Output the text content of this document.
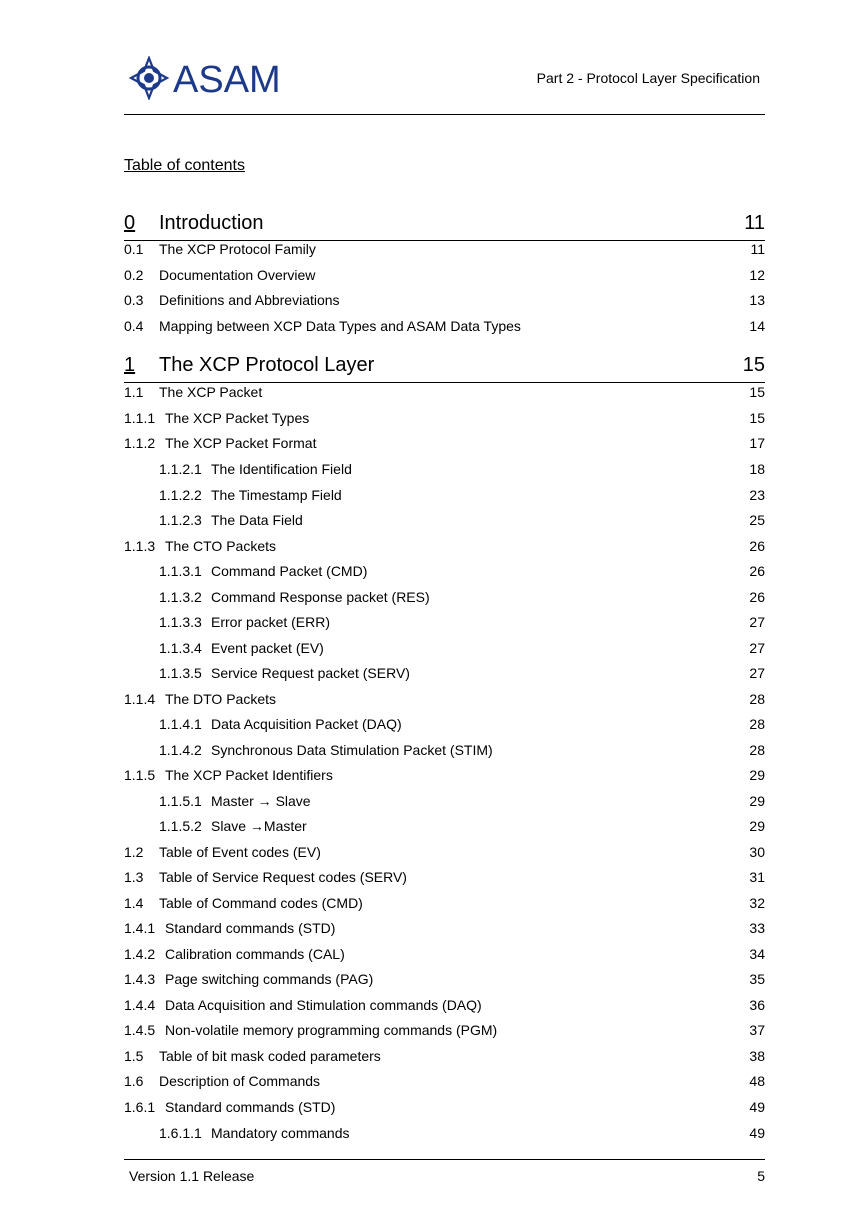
ASAM	Part 2 - Protocol Layer Specification
Table of contents
0 Introduction	11
0.1 The XCP Protocol Family	11
0.2 Documentation Overview	12
0.3 Definitions and Abbreviations	13
0.4 Mapping between XCP Data Types and ASAM Data Types	14
1 The XCP Protocol Layer	15
1.1 The XCP Packet	15
1.1.1 The XCP Packet Types	15
1.1.2 The XCP Packet Format	17
1.1.2.1 The Identification Field	18
1.1.2.2 The Timestamp Field	23
1.1.2.3 The Data Field	25
1.1.3 The CTO Packets	26
1.1.3.1 Command Packet (CMD)	26
1.1.3.2 Command Response packet (RES)	26
1.1.3.3 Error packet (ERR)	27
1.1.3.4 Event packet (EV)	27
1.1.3.5 Service Request packet (SERV)	27
1.1.4 The DTO Packets	28
1.1.4.1 Data Acquisition Packet (DAQ)	28
1.1.4.2 Synchronous Data Stimulation Packet (STIM)	28
1.1.5 The XCP Packet Identifiers	29
1.1.5.1 Master → Slave	29
1.1.5.2 Slave →Master	29
1.2 Table of Event codes (EV)	30
1.3 Table of Service Request codes (SERV)	31
1.4 Table of Command codes (CMD)	32
1.4.1 Standard commands (STD)	33
1.4.2 Calibration commands (CAL)	34
1.4.3 Page switching commands (PAG)	35
1.4.4 Data Acquisition and Stimulation commands (DAQ)	36
1.4.5 Non-volatile memory programming commands (PGM)	37
1.5 Table of bit mask coded parameters	38
1.6 Description of Commands	48
1.6.1 Standard commands (STD)	49
1.6.1.1 Mandatory commands	49
Version 1.1 Release	5
